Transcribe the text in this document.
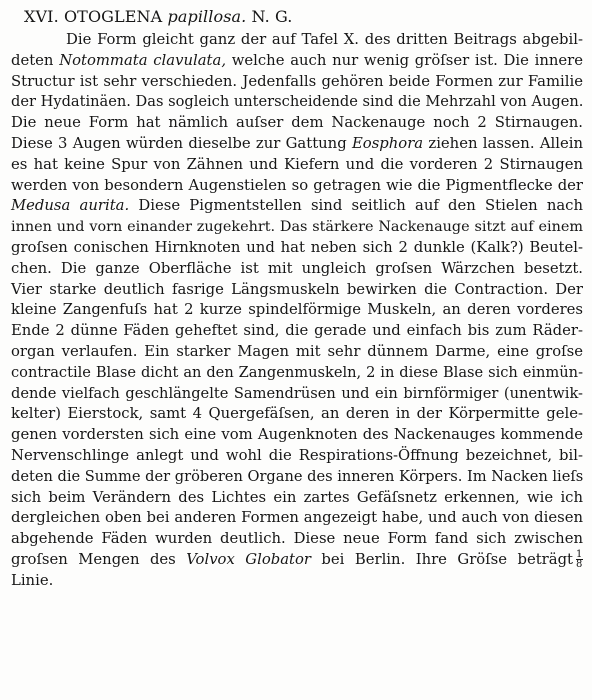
XVI. OTOGLENA papillosa. N. G.
Die Form gleicht ganz der auf Tafel X. des dritten Beitrags abgebil-
deten Notommata clavulata, welche auch nur wenig gröſser ist. Die innere
Structur ist sehr verschieden. Jedenfalls gehören beide Formen zur Familie
der Hydatinäen. Das sogleich unterscheidende sind die Mehrzahl von Augen.
Die neue Form hat nämlich auſser dem Nackenauge noch 2 Stirnaugen.
Diese 3 Augen würden dieselbe zur Gattung Eosphora ziehen lassen. Allein
es hat keine Spur von Zähnen und Kiefern und die vorderen 2 Stirnaugen
werden von besondern Augenstielen so getragen wie die Pigmentflecke der
Medusa aurita. Diese Pigmentstellen sind seitlich auf den Stielen nach
innen und vorn einander zugekehrt. Das stärkere Nackenauge sitzt auf einem
groſsen conischen Hirnknoten und hat neben sich 2 dunkle (Kalk?) Beutel-
chen. Die ganze Oberfläche ist mit ungleich groſsen Wärzchen besetzt.
Vier starke deutlich fasrige Längsmuskeln bewirken die Contraction. Der
kleine Zangenfuſs hat 2 kurze spindelförmige Muskeln, an deren vorderes
Ende 2 dünne Fäden geheftet sind, die gerade und einfach bis zum Räder-
organ verlaufen. Ein starker Magen mit sehr dünnem Darme, eine groſse
contractile Blase dicht an den Zangenmuskeln, 2 in diese Blase sich einmün-
dende vielfach geschlängelte Samendrüsen und ein birnförmiger (unentwik-
kelter) Eierstock, samt 4 Quergefäſsen, an deren in der Körpermitte gele-
genen vordersten sich eine vom Augenknoten des Nackenauges kommende
Nervenschlinge anlegt und wohl die Respirations-Öffnung bezeichnet, bil-
deten die Summe der gröberen Organe des inneren Körpers. Im Nacken lieſs
sich beim Verändern des Lichtes ein zartes Gefäſsnetz erkennen, wie ich
dergleichen oben bei anderen Formen angezeigt habe, und auch von diesen
abgehende Fäden wurden deutlich. Diese neue Form fand sich zwischen
groſsen Mengen des Volvox Globator bei Berlin. Ihre Gröſse beträgt $\frac{1}{8}$
Linie.
